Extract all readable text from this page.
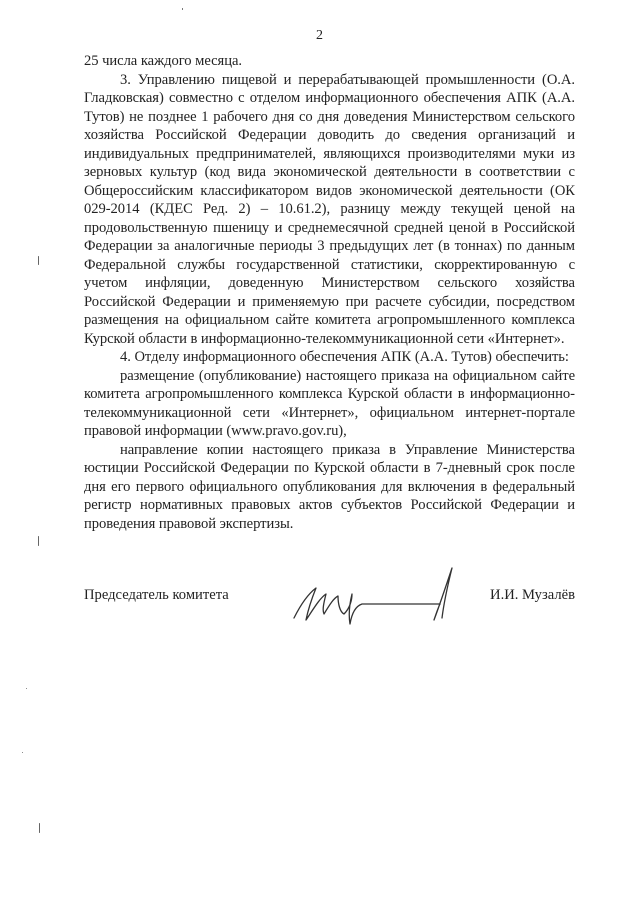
2

25 числа каждого месяца.

3. Управлению пищевой и перерабатывающей промышленности (О.А. Гладковская) совместно с отделом информационного обеспечения АПК (А.А. Тутов) не позднее 1 рабочего дня со дня доведения Министерством сельского хозяйства Российской Федерации доводить до сведения организаций и индивидуальных предпринимателей, являющихся производителями муки из зерновых культур (код вида экономической деятельности в соответствии с Общероссийским классификатором видов экономической деятельности (ОК 029-2014 (КДЕС Ред. 2) – 10.61.2), разницу между текущей ценой на продовольственную пшеницу и среднемесячной средней ценой в Российской Федерации за аналогичные периоды 3 предыдущих лет (в тоннах) по данным Федеральной службы государственной статистики, скорректированную с учетом инфляции, доведенную Министерством сельского хозяйства Российской Федерации и применяемую при расчете субсидии, посредством размещения на официальном сайте комитета агропромышленного комплекса Курской области в информационно-телекоммуникационной сети «Интернет».

4. Отделу информационного обеспечения АПК (А.А. Тутов) обеспечить:

размещение (опубликование) настоящего приказа на официальном сайте комитета агропромышленного комплекса Курской области в информационно-телекоммуникационной сети «Интернет», официальном интернет-портале правовой информации (www.pravo.gov.ru),

направление копии настоящего приказа в Управление Министерства юстиции Российской Федерации по Курской области в 7-дневный срок после дня его первого официального опубликования для включения в федеральный регистр нормативных правовых актов субъектов Российской Федерации и проведения правовой экспертизы.

Председатель комитета	И.И. Музалёв
